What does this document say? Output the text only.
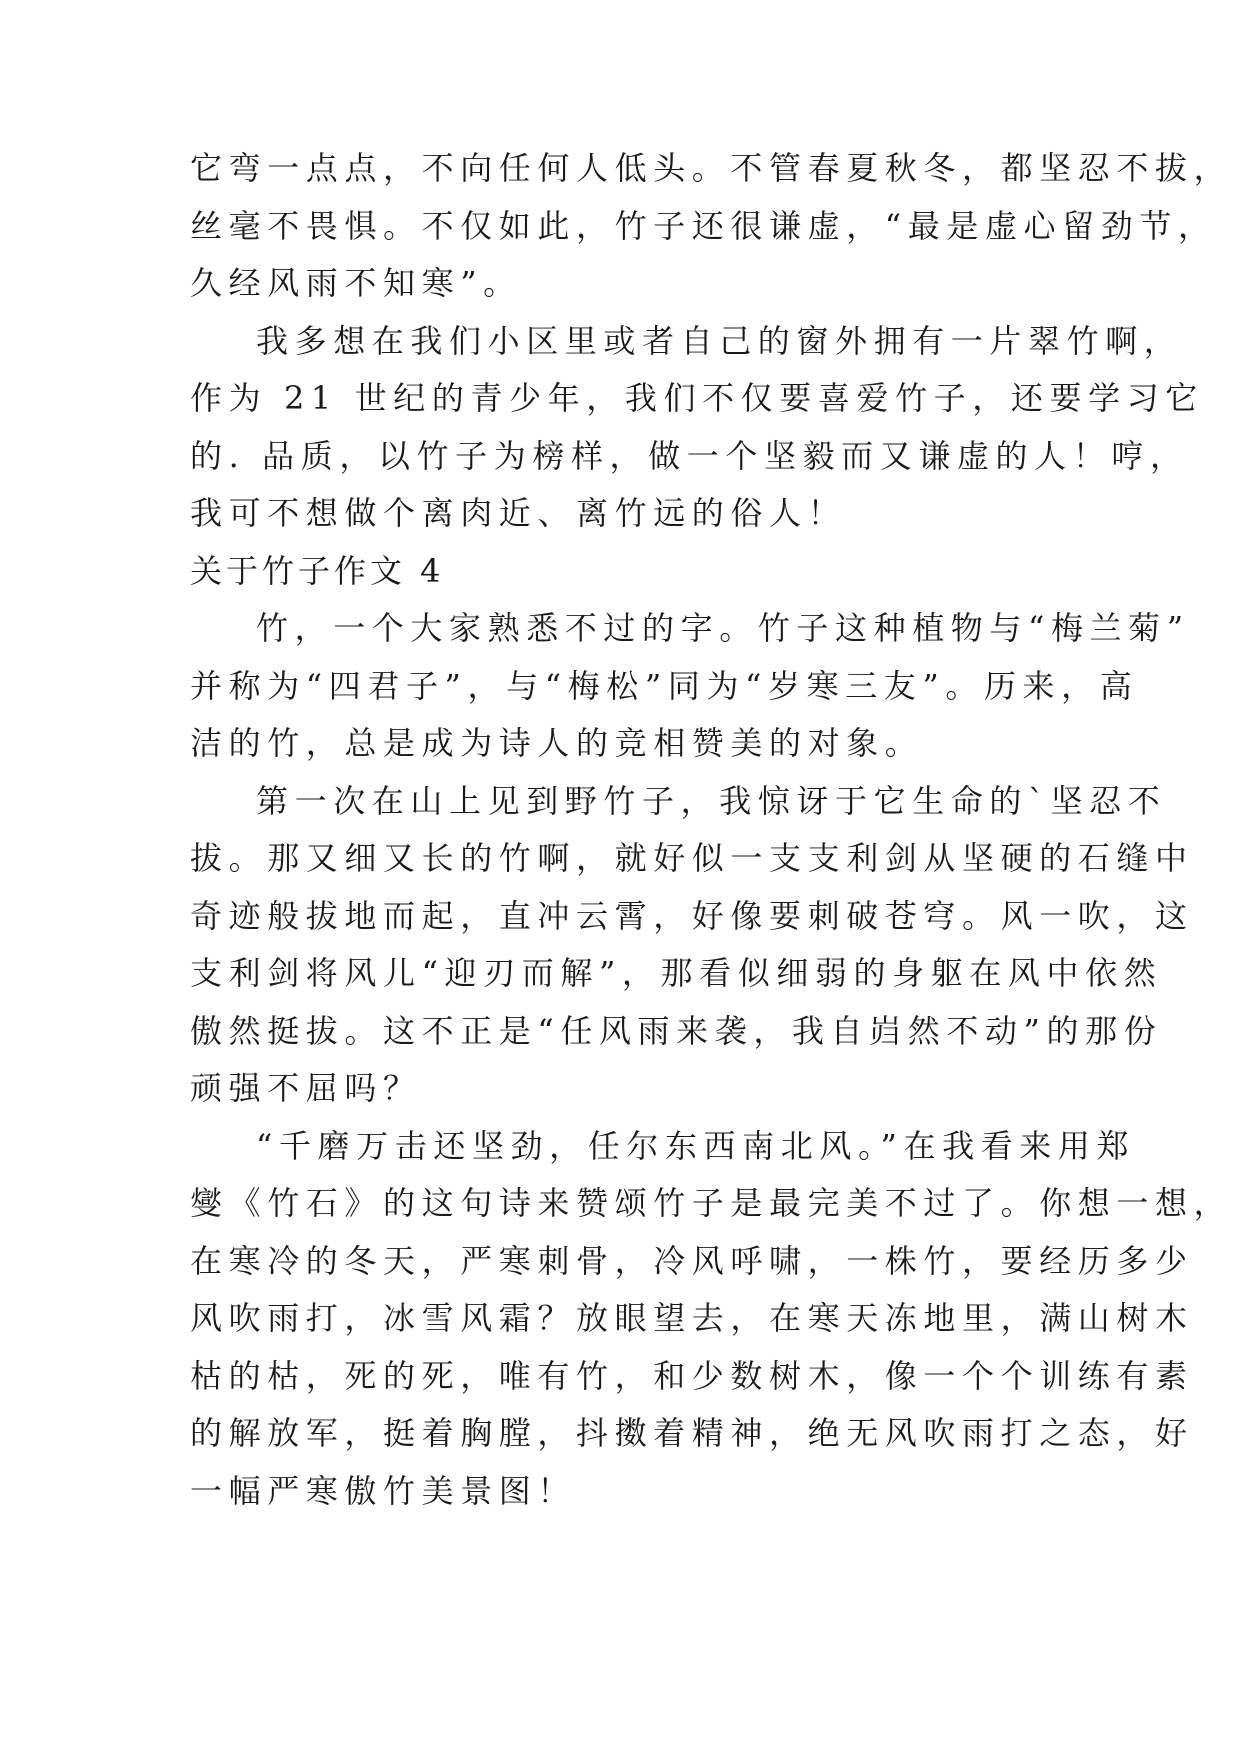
它弯一点点，不向任何人低头。不管春夏秋冬，都坚忍不拔，
丝毫不畏惧。不仅如此，竹子还很谦虚，“最是虚心留劲节，
久经风雨不知寒”。
我多想在我们小区里或者自己的窗外拥有一片翠竹啊，
作为 21 世纪的青少年，我们不仅要喜爱竹子，还要学习它
的. 品质，以竹子为榜样，做一个坚毅而又谦虚的人！哼，
我可不想做个离肉近、离竹远的俗人！
关于竹子作文 4
竹，一个大家熟悉不过的字。竹子这种植物与“梅兰菊”
并称为“四君子”，与“梅松”同为“岁寒三友”。历来，高
洁的竹，总是成为诗人的竞相赞美的对象。
第一次在山上见到野竹子，我惊讶于它生命的`坚忍不
拔。那又细又长的竹啊，就好似一支支利剑从坚硬的石缝中
奇迹般拔地而起，直冲云霄，好像要刺破苍穹。风一吹，这
支利剑将风儿“迎刃而解”，那看似细弱的身躯在风中依然
傲然挺拔。这不正是“任风雨来袭，我自岿然不动”的那份
顽强不屈吗？
“千磨万击还坚劲，任尔东西南北风。”在我看来用郑
燮《竹石》的这句诗来赞颂竹子是最完美不过了。你想一想，
在寒冷的冬天，严寒刺骨，冷风呼啸，一株竹，要经历多少
风吹雨打，冰雪风霜？放眼望去，在寒天冻地里，满山树木
枯的枯，死的死，唯有竹，和少数树木，像一个个训练有素
的解放军，挺着胸膛，抖擞着精神，绝无风吹雨打之态，好
一幅严寒傲竹美景图！
